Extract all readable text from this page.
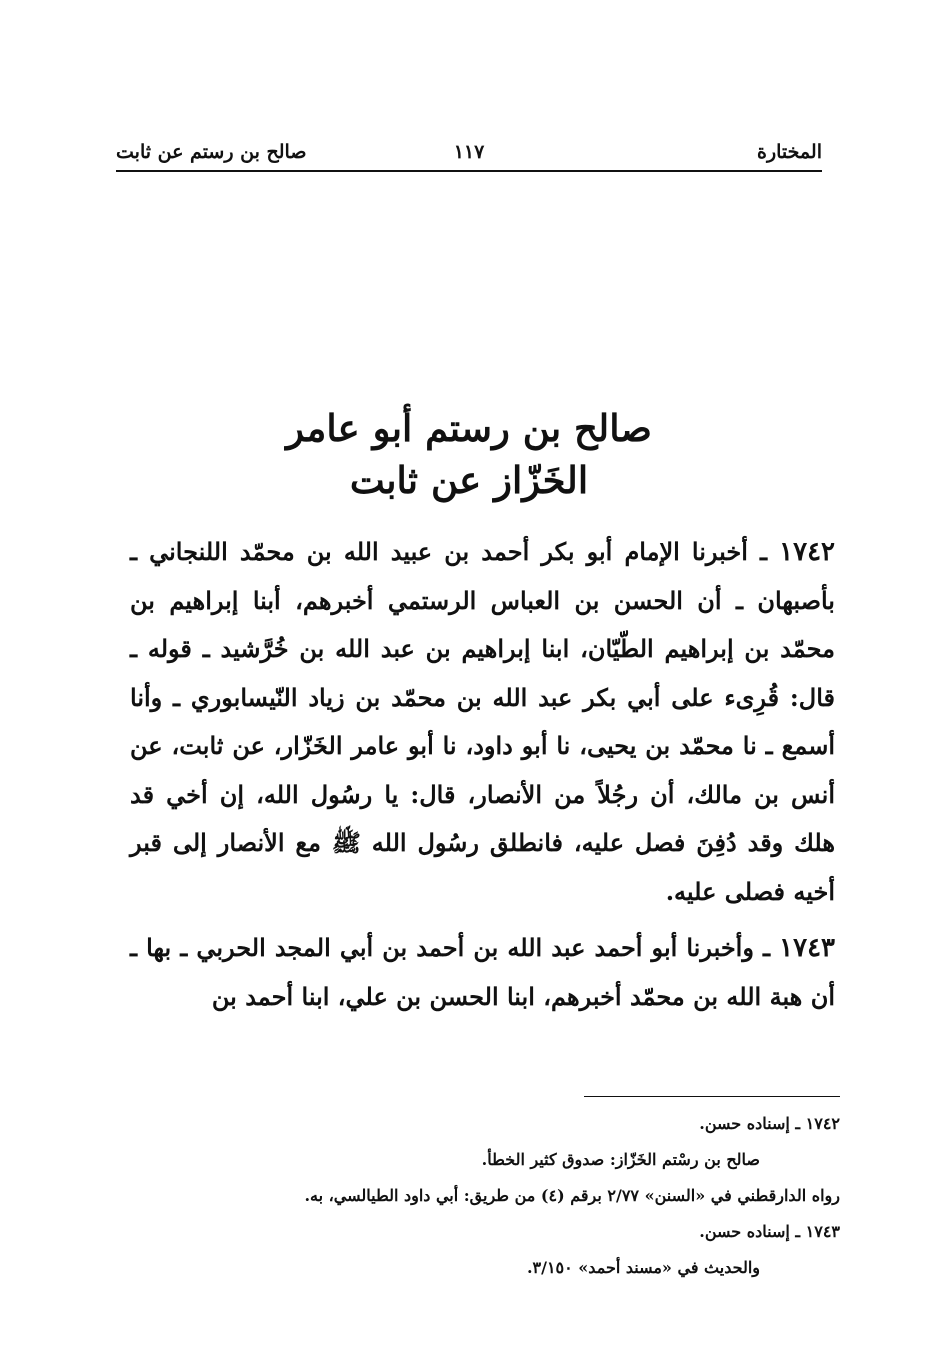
المختارة
١١٧
صالح بن رستم عن ثابت
صالح بن رستم أبو عامر
الخَزّاز عن ثابت

١٧٤٢ ـ أخبرنا الإمام أبو بكر أحمد بن عبيد الله بن محمّد اللنجاني ـ بأصبهان ـ أن الحسن بن العباس الرستمي أخبرهم، أبنا إبراهيم بن محمّد بن إبراهيم الطّيّان، ابنا إبراهيم بن عبد الله بن خُرَّشيد ـ قوله ـ قال: قُرِىء على أبي بكر عبد الله بن محمّد بن زياد النّيسابوري ـ وأنا أسمع ـ نا محمّد بن يحيى، نا أبو داود، نا أبو عامر الخَزّار، عن ثابت، عن أنس بن مالك، أن رجُلاً من الأنصار، قال: يا رسُول الله، إن أخي قد هلك وقد دُفِنَ فصل عليه، فانطلق رسُول الله ﷺ مع الأنصار إلى قبر أخيه فصلى عليه.

١٧٤٣ ـ وأخبرنا أبو أحمد عبد الله بن أحمد بن أبي المجد الحربي ـ بها ـ أن هبة الله بن محمّد أخبرهم، ابنا الحسن بن علي، ابنا أحمد بن

١٧٤٢ ـ إسناده حسن.

صالح بن رسْتم الخَزّاز: صدوق كثير الخطأ.

رواه الدارقطني في «السنن» ٢/٧٧ برقم (٤) من طريق: أبي داود الطيالسي، به.

١٧٤٣ ـ إسناده حسن.

والحديث في «مسند أحمد» ٣/١٥٠.
